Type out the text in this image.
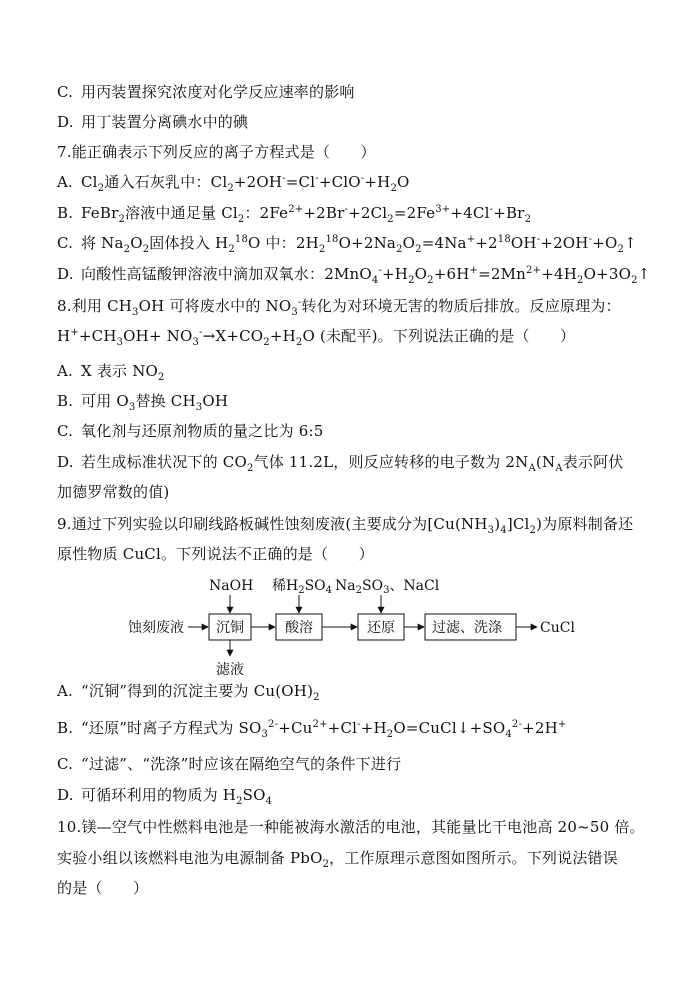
C. 用丙装置探究浓度对化学反应速率的影响
D. 用丁装置分离碘水中的碘
7.能正确表示下列反应的离子方程式是（　　）
A. $Cl_2$通入石灰乳中：$Cl_2+2OH^-=Cl^-+ClO^-+H_2O$
B. FeBr$_2$溶液中通足量 $Cl_2$：$2Fe^{2+}+2Br^-+2Cl_2=2Fe^{3+}+4Cl^-+Br_2$
C. 将 $Na_2O_2$固体投入 $H_2^{18}O$ 中：$2H_2^{18}O+2Na_2O_2=4Na^++2^{18}OH^-+2OH^-+O_2↑$
D. 向酸性高锰酸钾溶液中滴加双氧水：$2MnO_4^-+H_2O_2+6H^+=2Mn^{2+}+4H_2O+3O_2↑$
8.利用 $CH_3OH$ 可将废水中的 $NO_3^-$转化为对环境无害的物质后排放。反应原理为：
$H^++CH_3OH+ NO_3^-\to X+CO_2+H_2O$ (未配平)。下列说法正确的是（　　）
A. X 表示 $NO_2$
B. 可用 $O_3$替换 $CH_3OH$
C. 氧化剂与还原剂物质的量之比为 6:5
D. 若生成标准状况下的 $CO_2$气体 11.2L，则反应转移的电子数为 $2N_A(N_A$表示阿伏
加德罗常数的值)
9.通过下列实验以印刷线路板碱性蚀刻废液(主要成分为$[Cu(NH_3)_4]Cl_2$)为原料制备还
原性物质 CuCl。下列说法不正确的是（　　）
A. “沉铜”得到的沉淀主要为 $Cu(OH)_2$
B. “还原”时离子方程式为 $SO_3^{2-}+Cu^{2+}+Cl^-+H_2O=CuCl↓+SO_4^{2-}+2H^+$
C. “过滤”、“洗涤”时应该在隔绝空气的条件下进行
D. 可循环利用的物质为 $H_2SO_4$
10.镁—空气中性燃料电池是一种能被海水激活的电池，其能量比干电池高 20~50 倍。
实验小组以该燃料电池为电源制备 PbO$_2$，工作原理示意图如图所示。下列说法错误
的是（　　）
蚀刻废液 沉铜	酸溶	还原	过滤、洗涤	CuCl
NaOH 稀$H_2SO_4$ $Na_2SO_3$、NaCl
滤液
